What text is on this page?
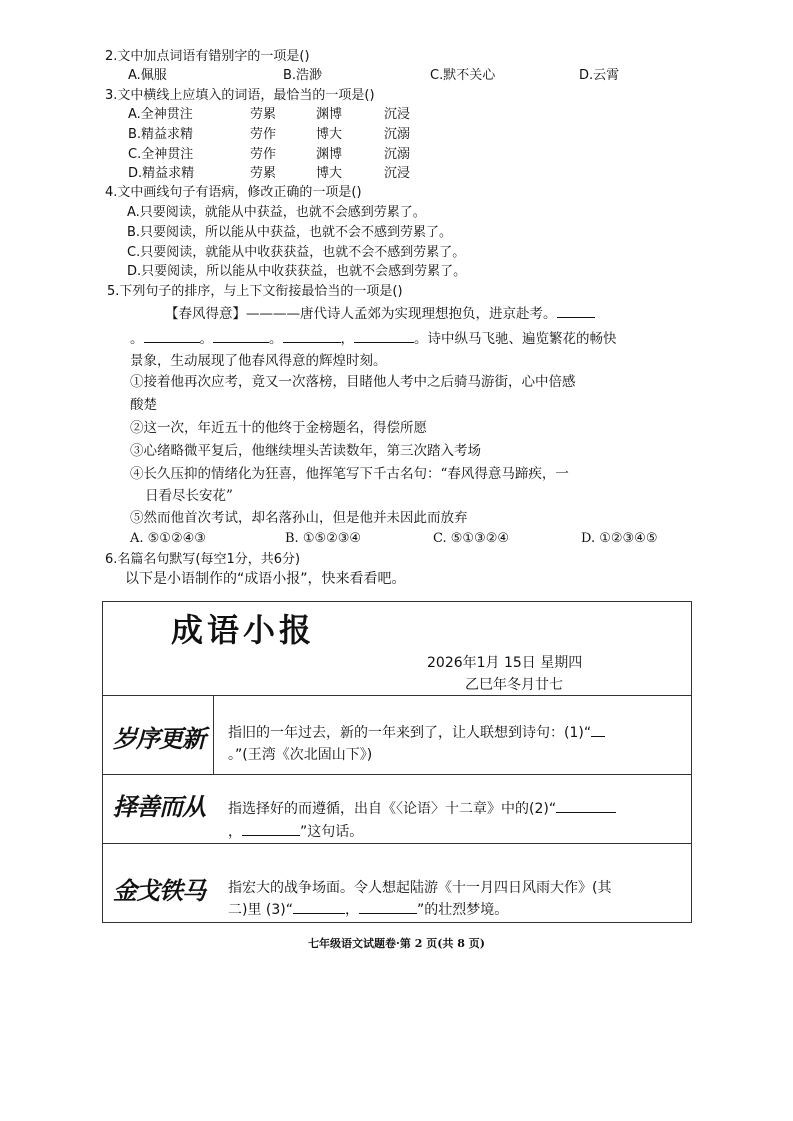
2.文中加点词语有错别字的一项是()
A.佩服	B.浩渺	C.默不关心	D.云霄
3.文中横线上应填入的词语，最恰当的一项是()
A.全神贯注	劳累	渊博	沉浸
B.精益求精	劳作	博大	沉溺
C.全神贯注	劳作	渊博	沉溺
D.精益求精	劳累	博大	沉浸
4.文中画线句子有语病，修改正确的一项是()
A.只要阅读，就能从中获益，也就不会感到劳累了。
B.只要阅读，所以能从中获益，也就不会不感到劳累了。
C.只要阅读，就能从中收获获益，也就不会不感到劳累了。
D.只要阅读，所以能从中收获获益，也就不会感到劳累了。
5.下列句子的排序，与上下文衔接最恰当的一项是()
【春风得意】————唐代诗人孟郊为实现理想抱负，进京赴考。
。	。	。	，	。诗中纵马飞驰、遍览繁花的畅快
景象，生动展现了他春风得意的辉煌时刻。
①接着他再次应考，竟又一次落榜，目睹他人考中之后骑马游街，心中倍感
酸楚
②这一次，年近五十的他终于金榜题名，得偿所愿
③心绪略微平复后，他继续埋头苦读数年，第三次踏入考场
④长久压抑的情绪化为狂喜，他挥笔写下千古名句：“春风得意马蹄疾，一
日看尽长安花”
⑤然而他首次考试，却名落孙山，但是他并未因此而放弃
A. ⑤①②④③	B. ①⑤②③④	C. ⑤①③②④	D. ①②③④⑤
6.名篇名句默写(每空1分，共6分)
以下是小语制作的“成语小报”，快来看看吧。
成语小报
2026年1月 15日 星期四
乙巳年冬月廿七
岁序更新 指旧的一年过去，新的一年来到了，让人联想到诗句：(1)“
。”(王湾《次北固山下》)
择善而从 指选择好的而遵循，出自《〈论语〉十二章》中的(2)“
，	”这句话。
金戈铁马 指宏大的战争场面。令人想起陆游《十一月四日风雨大作》(其
二)里 (3)“	，	”的壮烈梦境。
七年级语文试题卷·第 2 页(共 8 页)
